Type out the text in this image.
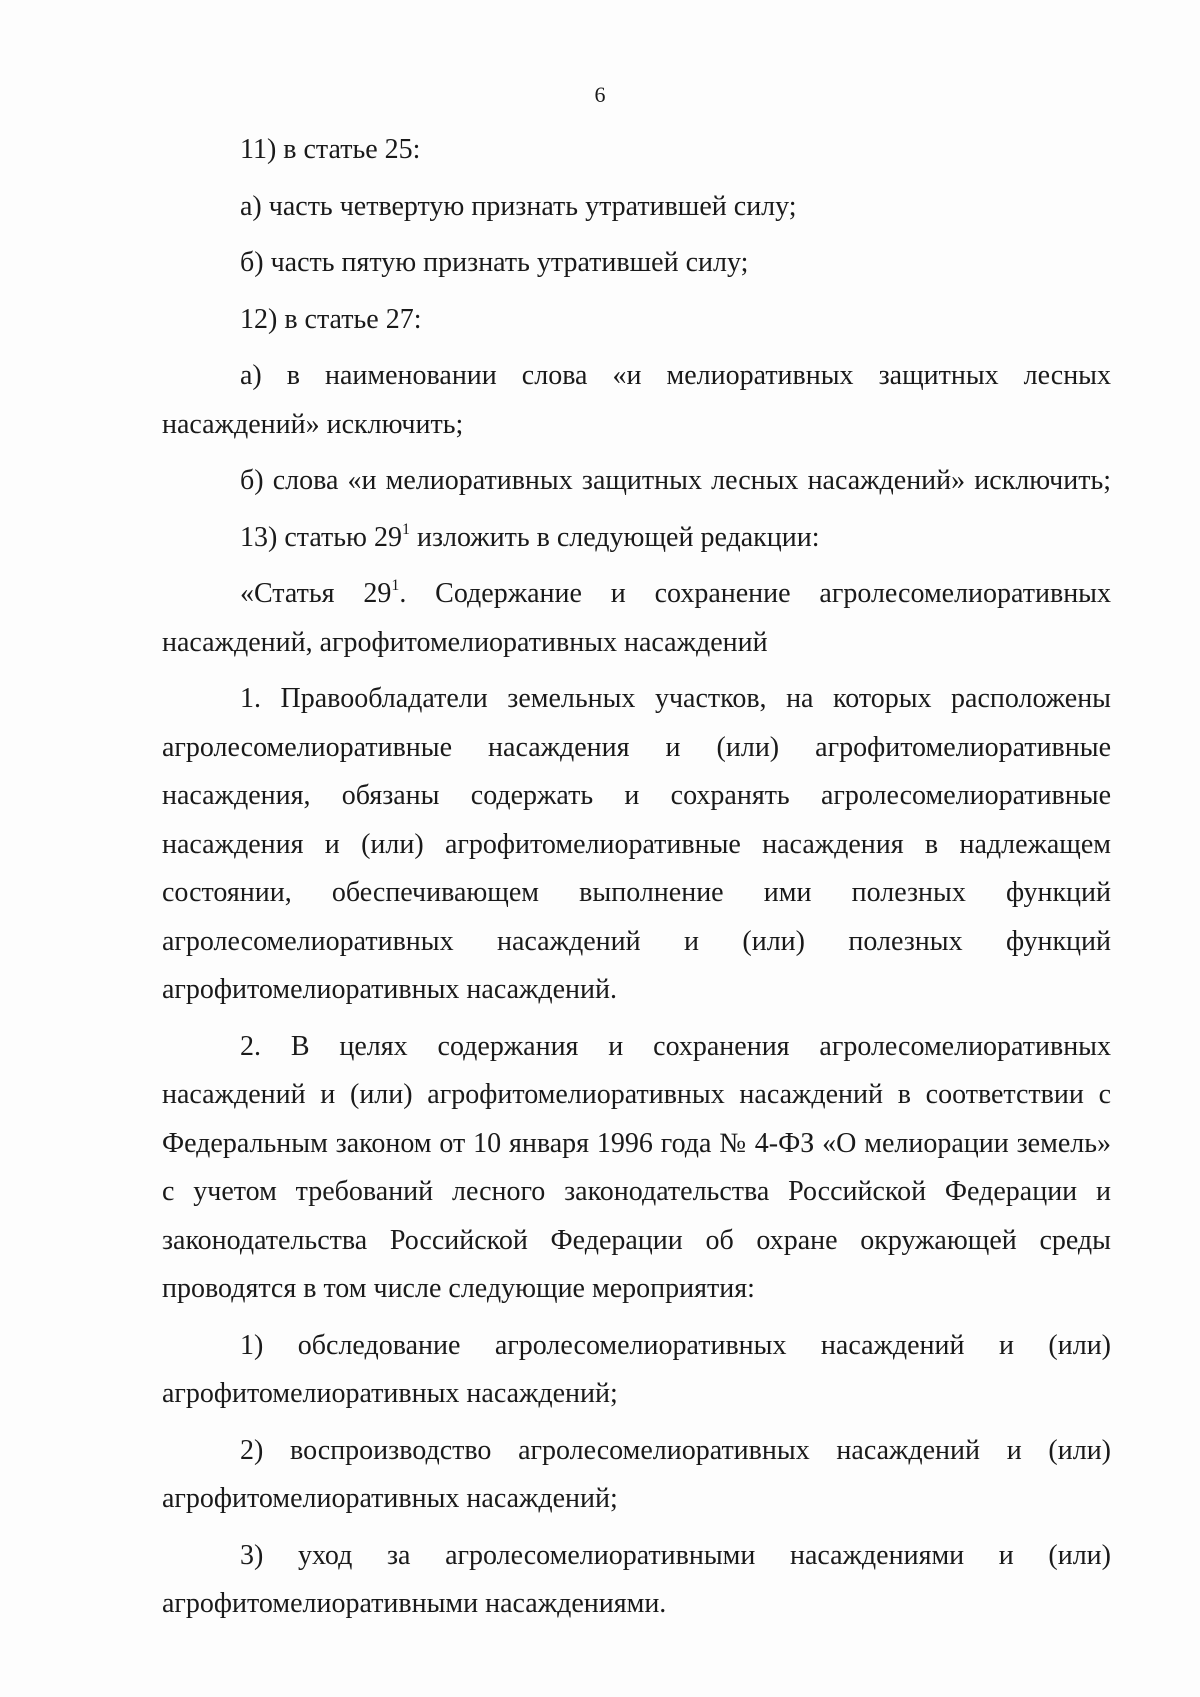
6

11) в статье 25:

а) часть четвертую признать утратившей силу;

б) часть пятую признать утратившей силу;

12) в статье 27:

а) в наименовании слова «и мелиоративных защитных лесных насаждений» исключить;

б) слова «и мелиоративных защитных лесных насаждений» исключить;

13) статью $29^1$ изложить в следующей редакции:

«Статья $29^1$. Содержание и сохранение агролесомелиоративных насаждений, агрофитомелиоративных насаждений

1. Правообладатели земельных участков, на которых расположены агролесомелиоративные насаждения и (или) агрофитомелиоративные насаждения, обязаны содержать и сохранять агролесомелиоративные насаждения и (или) агрофитомелиоративные насаждения в надлежащем состоянии, обеспечивающем выполнение ими полезных функций агролесомелиоративных насаждений и (или) полезных функций агрофитомелиоративных насаждений.

2. В целях содержания и сохранения агролесомелиоративных насаждений и (или) агрофитомелиоративных насаждений в соответствии с Федеральным законом от 10 января 1996 года № 4-ФЗ «О мелиорации земель» с учетом требований лесного законодательства Российской Федерации и законодательства Российской Федерации об охране окружающей среды проводятся в том числе следующие мероприятия:

1) обследование агролесомелиоративных насаждений и (или) агрофитомелиоративных насаждений;

2) воспроизводство агролесомелиоративных насаждений и (или) агрофитомелиоративных насаждений;

3) уход за агролесомелиоративными насаждениями и (или) агрофитомелиоративными насаждениями.
